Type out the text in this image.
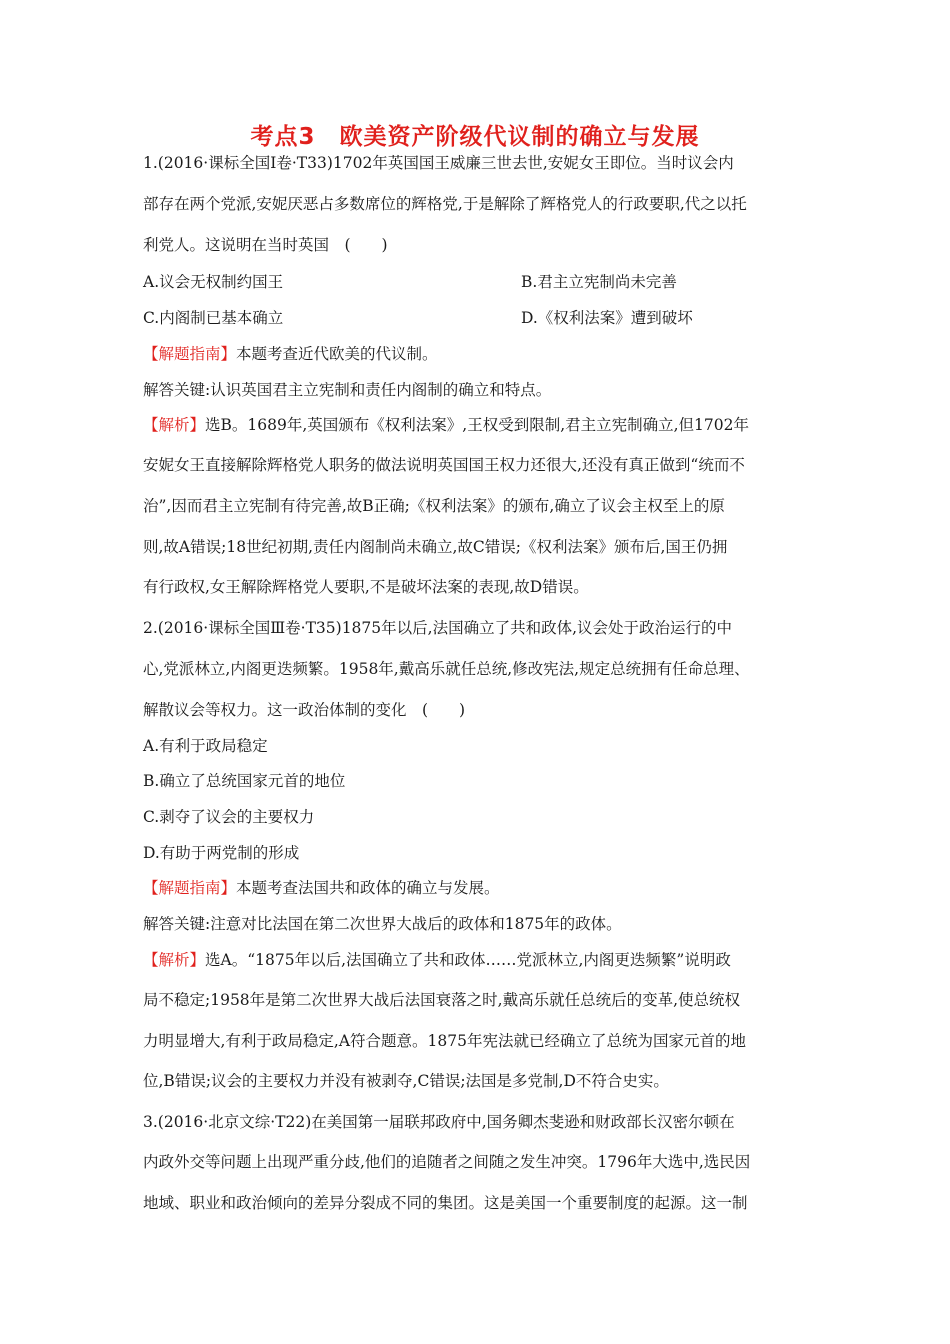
考点3　欧美资产阶级代议制的确立与发展
1.(2016·课标全国Ⅰ卷·T33)1702年英国国王威廉三世去世,安妮女王即位。当时议会内
部存在两个党派,安妮厌恶占多数席位的辉格党,于是解除了辉格党人的行政要职,代之以托
利党人。这说明在当时英国　(　　)
A.议会无权制约国王	B.君主立宪制尚未完善
C.内阁制已基本确立	D.《权利法案》遭到破坏
【解题指南】本题考查近代欧美的代议制。
解答关键:认识英国君主立宪制和责任内阁制的确立和特点。
【解析】选B。1689年,英国颁布《权利法案》,王权受到限制,君主立宪制确立,但1702年
安妮女王直接解除辉格党人职务的做法说明英国国王权力还很大,还没有真正做到“统而不
治”,因而君主立宪制有待完善,故B正确;《权利法案》的颁布,确立了议会主权至上的原
则,故A错误;18世纪初期,责任内阁制尚未确立,故C错误;《权利法案》颁布后,国王仍拥
有行政权,女王解除辉格党人要职,不是破坏法案的表现,故D错误。
2.(2016·课标全国Ⅲ卷·T35)1875年以后,法国确立了共和政体,议会处于政治运行的中
心,党派林立,内阁更迭频繁。1958年,戴高乐就任总统,修改宪法,规定总统拥有任命总理、
解散议会等权力。这一政治体制的变化　(　　)
A.有利于政局稳定
B.确立了总统国家元首的地位
C.剥夺了议会的主要权力
D.有助于两党制的形成
【解题指南】本题考查法国共和政体的确立与发展。
解答关键:注意对比法国在第二次世界大战后的政体和1875年的政体。
【解析】选A。“1875年以后,法国确立了共和政体……党派林立,内阁更迭频繁”说明政
局不稳定;1958年是第二次世界大战后法国衰落之时,戴高乐就任总统后的变革,使总统权
力明显增大,有利于政局稳定,A符合题意。1875年宪法就已经确立了总统为国家元首的地
位,B错误;议会的主要权力并没有被剥夺,C错误;法国是多党制,D不符合史实。
3.(2016·北京文综·T22)在美国第一届联邦政府中,国务卿杰斐逊和财政部长汉密尔顿在
内政外交等问题上出现严重分歧,他们的追随者之间随之发生冲突。1796年大选中,选民因
地域、职业和政治倾向的差异分裂成不同的集团。这是美国一个重要制度的起源。这一制
